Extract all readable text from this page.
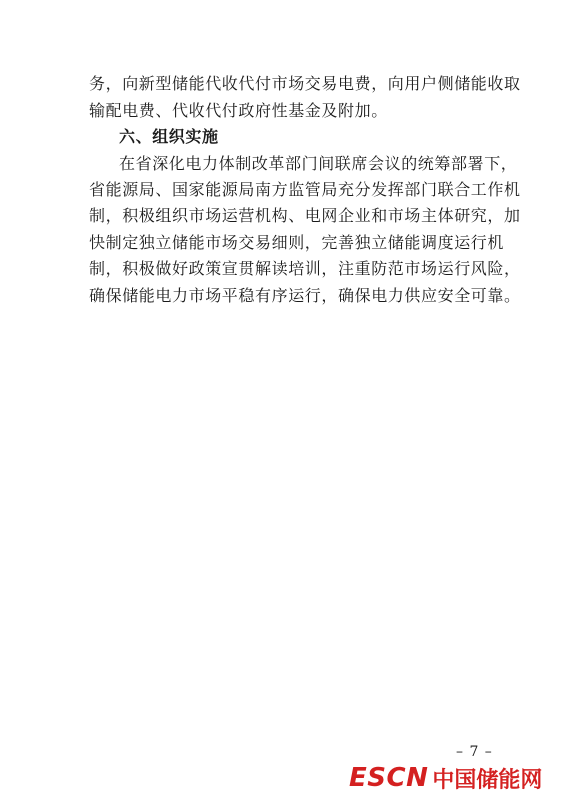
务，向新型储能代收代付市场交易电费，向用户侧储能收取
输配电费、代收代付政府性基金及附加。
六、组织实施
在省深化电力体制改革部门间联席会议的统筹部署下，
省能源局、国家能源局南方监管局充分发挥部门联合工作机
制，积极组织市场运营机构、电网企业和市场主体研究，加
快制定独立储能市场交易细则，完善独立储能调度运行机
制，积极做好政策宣贯解读培训，注重防范市场运行风险，
确保储能电力市场平稳有序运行，确保电力供应安全可靠。
– 7 –
ESCN 中国储能网
